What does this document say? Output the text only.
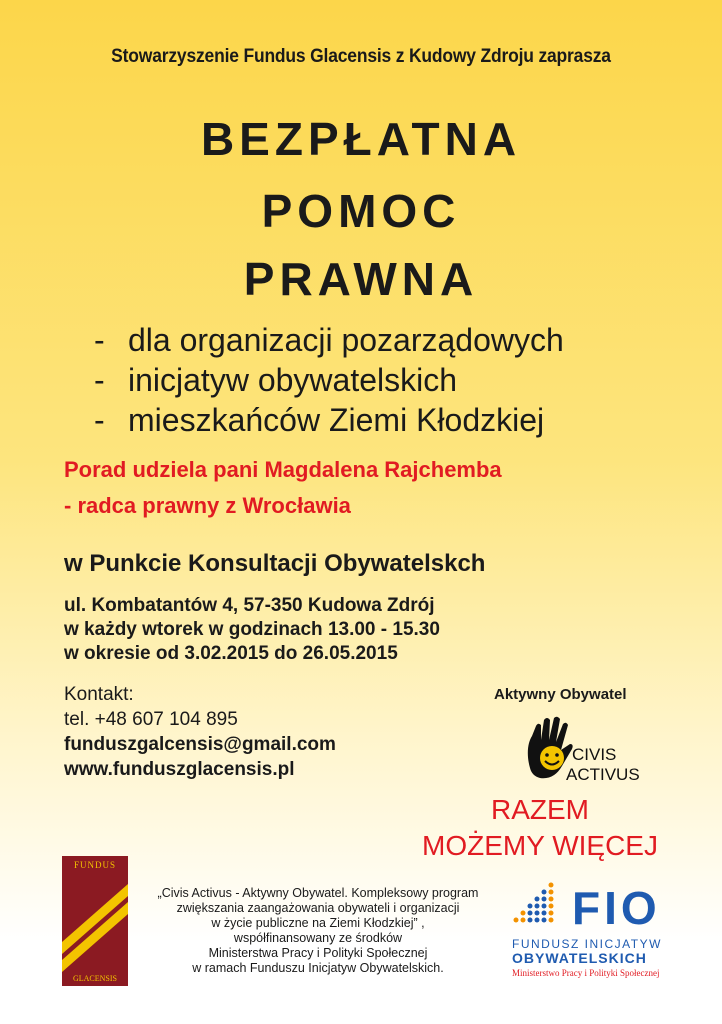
Stowarzyszenie Fundus Glacensis z Kudowy Zdroju zaprasza
BEZPŁATNA
POMOC
PRAWNA
- dla organizacji pozarządowych
- inicjatyw obywatelskich
- mieszkańców Ziemi Kłodzkiej
Porad udziela pani Magdalena Rajchemba
- radca prawny z Wrocławia
w Punkcie Konsultacji Obywatelskch
ul. Kombatantów 4, 57-350 Kudowa Zdrój
w każdy wtorek w godzinach 13.00 - 15.30
w okresie od 3.02.2015 do 26.05.2015
Kontakt:
tel. +48 607 104 895
funduszgalcensis@gmail.com
www.funduszglacensis.pl
Aktywny Obywatel
CIVIS
ACTIVUS
RAZEM
MOŻEMY WIĘCEJ
FUNDUS
GLACENSIS
„Civis Activus - Aktywny Obywatel. Kompleksowy program
zwiększania zaangażowania obywateli i organizacji
w życie publiczne na Ziemi Kłodzkiej” ,
współfinansowany ze środków
Ministerstwa Pracy i Polityki Społecznej
w ramach Funduszu Inicjatyw Obywatelskich.
FIO
FUNDUSZ INICJATYW
OBYWATELSKICH
Ministerstwo Pracy i Polityki Społecznej
